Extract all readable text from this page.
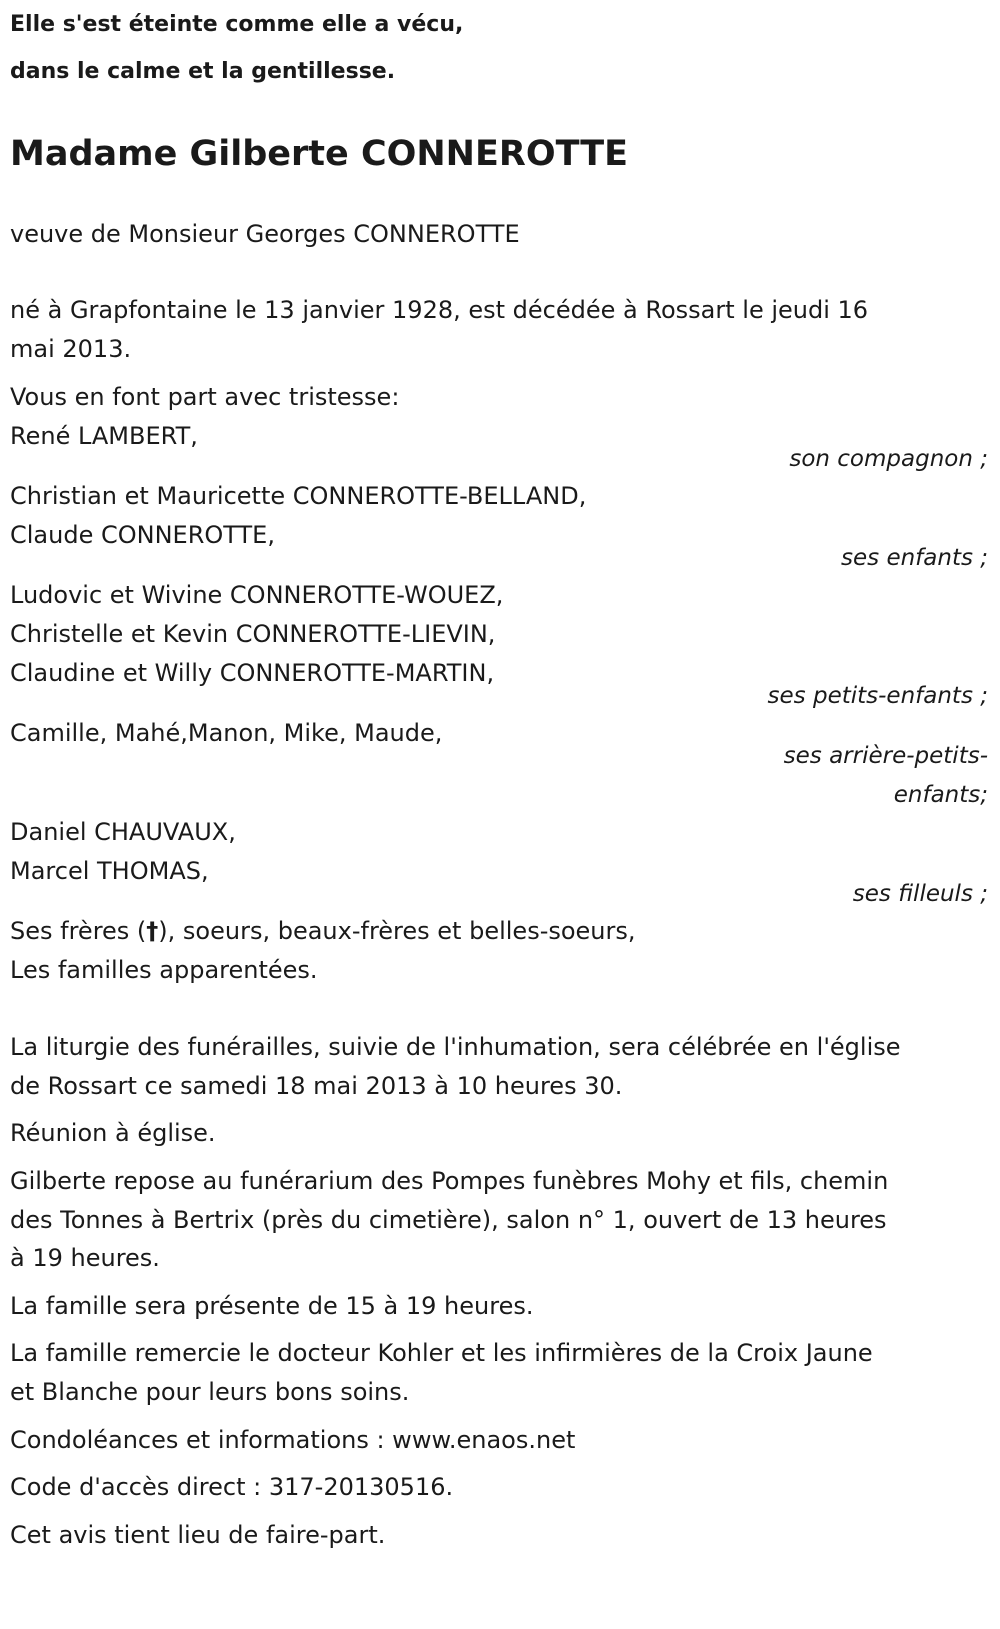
Elle s'est éteinte comme elle a vécu,
dans le calme et la gentillesse.
Madame Gilberte CONNEROTTE
veuve de Monsieur Georges CONNEROTTE
né à Grapfontaine le 13 janvier 1928, est décédée à Rossart le jeudi 16
mai 2013.
Vous en font part avec tristesse:
René LAMBERT,
son compagnon ;
Christian et Mauricette CONNEROTTE-BELLAND,
Claude CONNEROTTE,
ses enfants ;
Ludovic et Wivine CONNEROTTE-WOUEZ,
Christelle et Kevin CONNEROTTE-LIEVIN,
Claudine et Willy CONNEROTTE-MARTIN,
ses petits-enfants ;
Camille, Mahé,Manon, Mike, Maude,
ses arrière-petits-
enfants;
Daniel CHAUVAUX,
Marcel THOMAS,
ses filleuls ;
Ses frères (†), soeurs, beaux-frères et belles-soeurs,
Les familles apparentées.
La liturgie des funérailles, suivie de l'inhumation, sera célébrée en l'église
de Rossart ce samedi 18 mai 2013 à 10 heures 30.
Réunion à église.
Gilberte repose au funérarium des Pompes funèbres Mohy et fils, chemin
des Tonnes à Bertrix (près du cimetière), salon n° 1, ouvert de 13 heures
à 19 heures.
La famille sera présente de 15 à 19 heures.
La famille remercie le docteur Kohler et les infirmières de la Croix Jaune
et Blanche pour leurs bons soins.
Condoléances et informations : www.enaos.net
Code d'accès direct : 317-20130516.
Cet avis tient lieu de faire-part.
